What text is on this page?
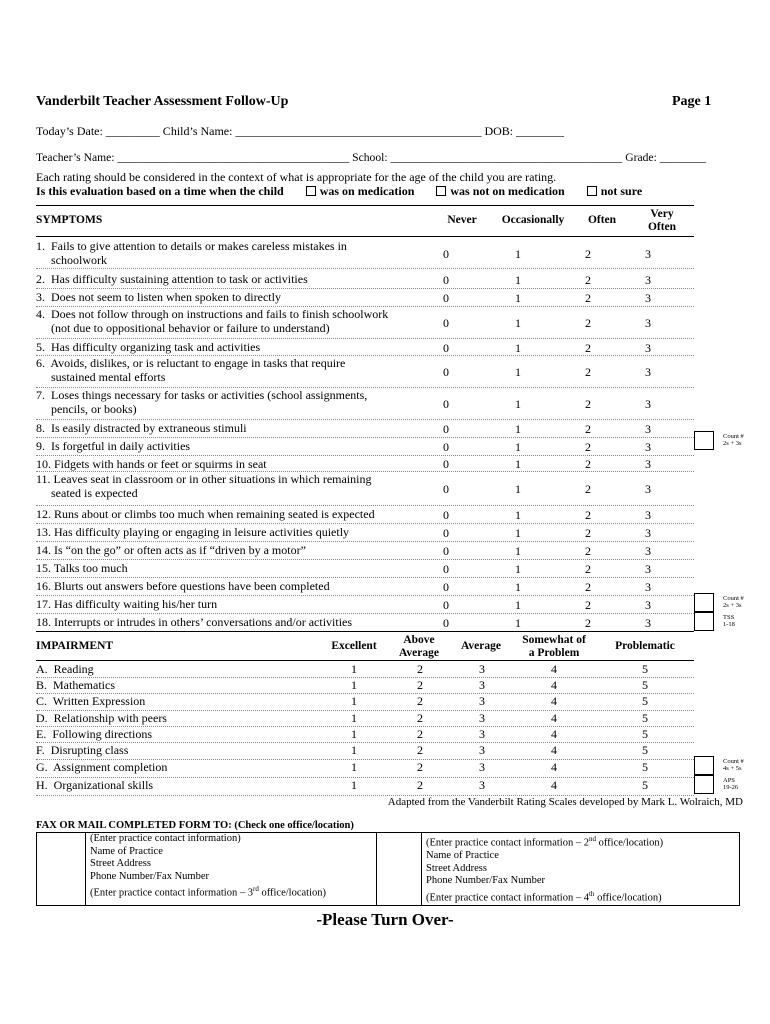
Vanderbilt Teacher Assessment Follow-Up	Page 1
Today’s Date: _________ Child’s Name: _________________________________________ DOB: ________
Teacher’s Name: ________________________________________ School: ________________________________________ Grade: ________
Each rating should be considered in the context of what is appropriate for the age of the child you are rating.
Is this evaluation based on a time when the child	was on medication	was not on medication	not sure
SYMPTOMS	Never	Occasionally	Often	Very
Often
1.  Fails to give attention to details or makes careless mistakes in
schoolwork	0	1	2	3
2.  Has difficulty sustaining attention to task or activities	0	1	2	3
3.  Does not seem to listen when spoken to directly	0	1	2	3
4.  Does not follow through on instructions and fails to finish schoolwork
(not due to oppositional behavior or failure to understand)	0	1	2	3
5.  Has difficulty organizing task and activities	0	1	2	3
6.  Avoids, dislikes, or is reluctant to engage in tasks that require
sustained mental efforts	0	1	2	3
7.  Loses things necessary for tasks or activities (school assignments,
pencils, or books)	0	1	2	3
8.  Is easily distracted by extraneous stimuli	0	1	2	3
9.  Is forgetful in daily activities	0	1	2	3
10. Fidgets with hands or feet or squirms in seat	0	1	2	3
11. Leaves seat in classroom or in other situations in which remaining
seated is expected	0	1	2	3
12. Runs about or climbs too much when remaining seated is expected	0	1	2	3
13. Has difficulty playing or engaging in leisure activities quietly	0	1	2	3
14. Is “on the go” or often acts as if “driven by a motor”	0	1	2	3
15. Talks too much	0	1	2	3
16. Blurts out answers before questions have been completed	0	1	2	3
17. Has difficulty waiting his/her turn	0	1	2	3
18. Interrupts or intrudes in others’ conversations and/or activities	0	1	2	3
IMPAIRMENT	Excellent	Above
Average
Average	Somewhat of
a Problem
Problematic
A.  Reading	1	2	3	4	5
B.  Mathematics	1	2	3	4	5
C.  Written Expression	1	2	3	4	5
D.  Relationship with peers	1	2	3	4	5
E.  Following directions	1	2	3	4	5
F.  Disrupting class	1	2	3	4	5
G.  Assignment completion	1	2	3	4	5
H.  Organizational skills	1	2	3	4	5
Count #
2s + 3s
Count #
2s + 3s
TSS
1-18
Count #
4s + 5s
APS
19-26
Adapted from the Vanderbilt Rating Scales developed by Mark L. Wolraich, MD
FAX OR MAIL COMPLETED FORM TO: (Check one office/location)

(Enter practice contact information)
Name of Practice
Street Address
Phone Number/Fax Number
(Enter practice contact information – 3rd office/location)

(Enter practice contact information – 2nd office/location)
Name of Practice
Street Address
Phone Number/Fax Number
(Enter practice contact information – 4th office/location)
-Please Turn Over-
